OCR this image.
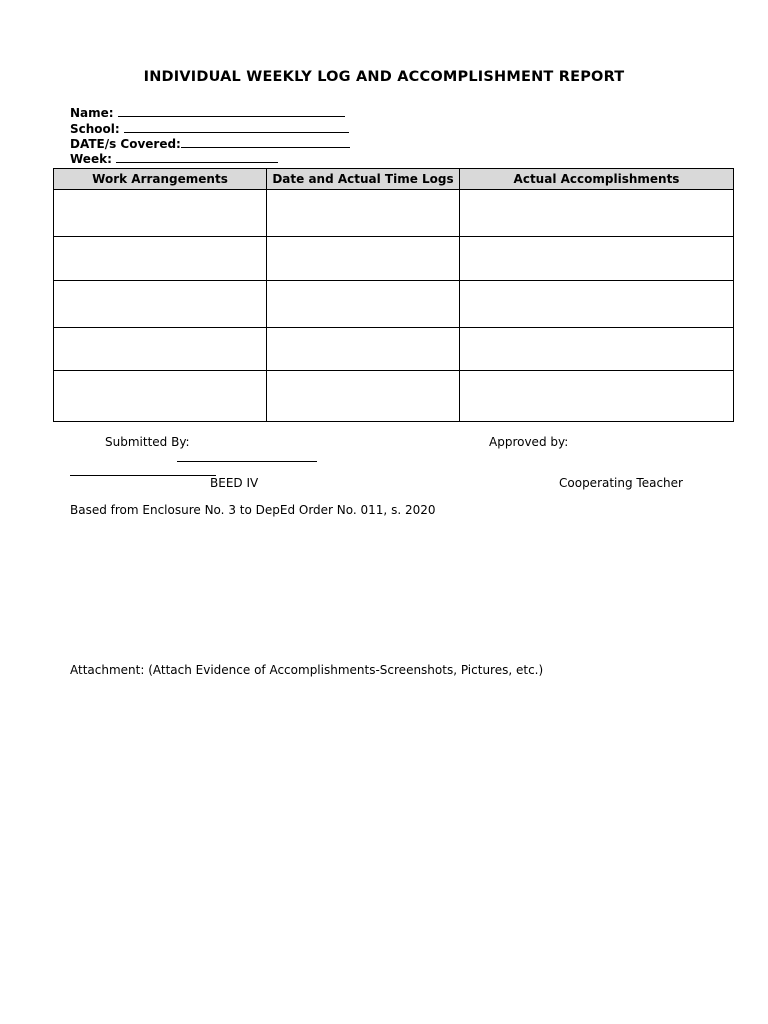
INDIVIDUAL WEEKLY LOG AND ACCOMPLISHMENT REPORT
Name:
School:
DATE/s Covered:
Week:
Work Arrangements	Date and Actual Time Logs	Actual Accomplishments

Submitted By:	Approved by:
BEED IV	Cooperating Teacher
Based from Enclosure No. 3 to DepEd Order No. 011, s. 2020
Attachment: (Attach Evidence of Accomplishments-Screenshots, Pictures, etc.)
